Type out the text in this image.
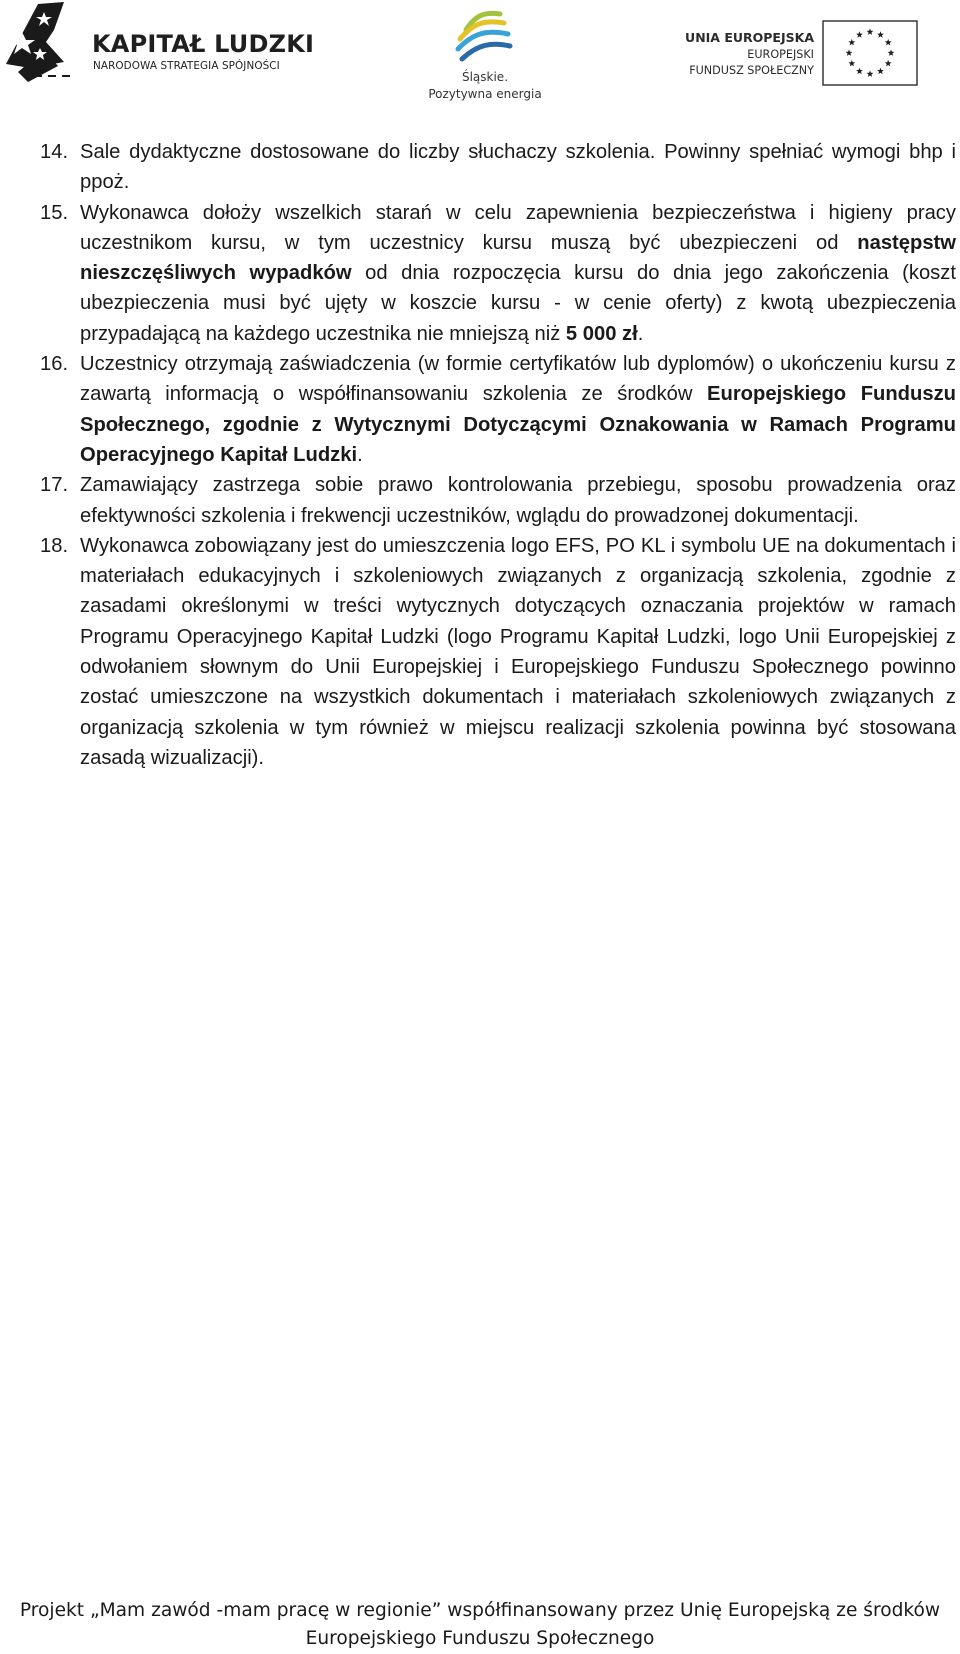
KAPITAŁ LUDZKI
NARODOWA STRATEGIA SPÓJNOŚCI
Śląskie.
Pozytywna energia
UNIA EUROPEJSKA
EUROPEJSKI
FUNDUSZ SPOŁECZNY
14. Sale dydaktyczne dostosowane do liczby słuchaczy szkolenia. Powinny spełniać wymogi bhp i ppoż.
15. Wykonawca dołoży wszelkich starań w celu zapewnienia bezpieczeństwa i higieny pracy uczestnikom kursu, w tym uczestnicy kursu muszą być ubezpieczeni od następstw nieszczęśliwych wypadków od dnia rozpoczęcia kursu do dnia jego zakończenia (koszt ubezpieczenia musi być ujęty w koszcie kursu - w cenie oferty) z kwotą ubezpieczenia przypadającą na każdego uczestnika nie mniejszą niż 5 000 zł.
16. Uczestnicy otrzymają zaświadczenia (w formie certyfikatów lub dyplomów) o ukończeniu kursu z zawartą informacją o współfinansowaniu szkolenia ze środków Europejskiego Funduszu Społecznego, zgodnie z Wytycznymi Dotyczącymi Oznakowania w Ramach Programu Operacyjnego Kapitał Ludzki.
17. Zamawiający zastrzega sobie prawo kontrolowania przebiegu, sposobu prowadzenia oraz efektywności szkolenia i frekwencji uczestników, wglądu do prowadzonej dokumentacji.
18. Wykonawca zobowiązany jest do umieszczenia logo EFS, PO KL i symbolu UE na dokumentach i materiałach edukacyjnych i szkoleniowych związanych z organizacją szkolenia, zgodnie z zasadami określonymi w treści wytycznych dotyczących oznaczania projektów w ramach Programu Operacyjnego Kapitał Ludzki (logo Programu Kapitał Ludzki, logo Unii Europejskiej z odwołaniem słownym do Unii Europejskiej i Europejskiego Funduszu Społecznego powinno zostać umieszczone na wszystkich dokumentach i materiałach szkoleniowych związanych z organizacją szkolenia w tym również w miejscu realizacji szkolenia powinna być stosowana zasadą wizualizacji).
Projekt „Mam zawód -mam pracę w regionie” współfinansowany przez Unię Europejską ze środków
Europejskiego Funduszu Społecznego
